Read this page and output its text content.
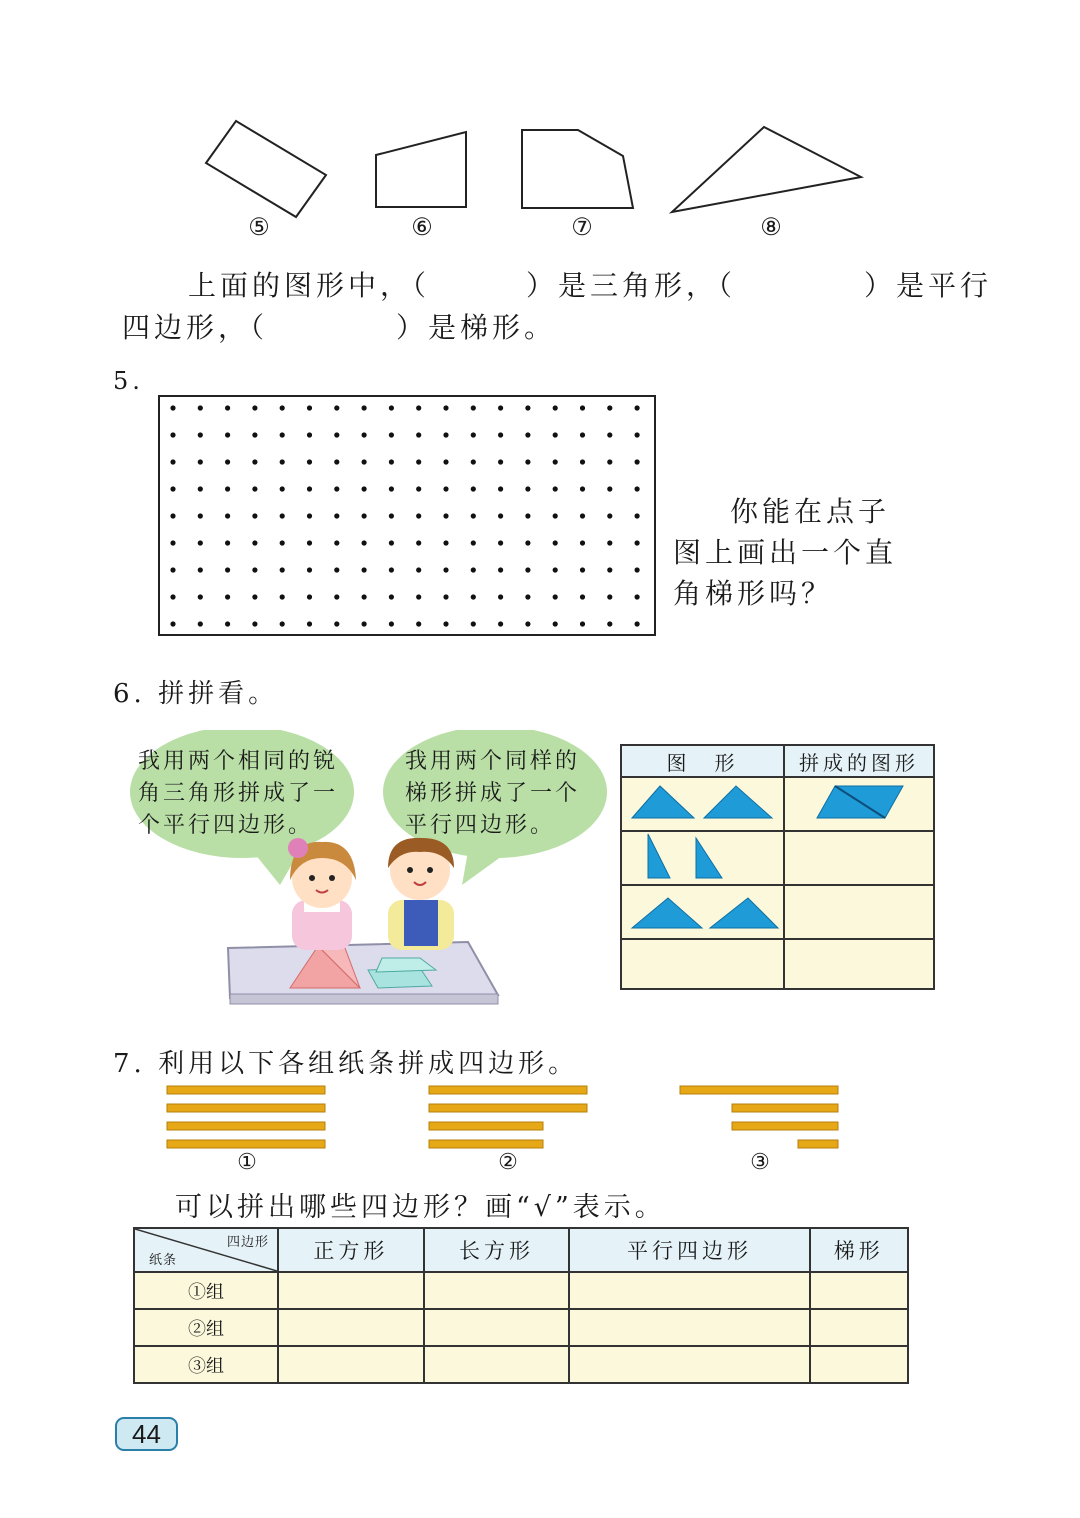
⑤	⑥	⑦	⑧
上面的图形中，（　　　）是三角形，（　　　　）是平行
四边形，（　　　　）是梯形。
5.
你能在点子
图上画出一个直
角梯形吗？
6. 拼拼看。
我用两个相同的锐
角三角形拼成了一
个平行四边形。
我用两个同样的
梯形拼成了一个
平行四边形。
图　形	拼成的图形

7. 利用以下各组纸条拼成四边形。
①	②	③
可以拼出哪些四边形？画“√”表示。
四边形
纸条	正方形	长方形	平行四边形	梯形
①组				
②组				
③组				
44
